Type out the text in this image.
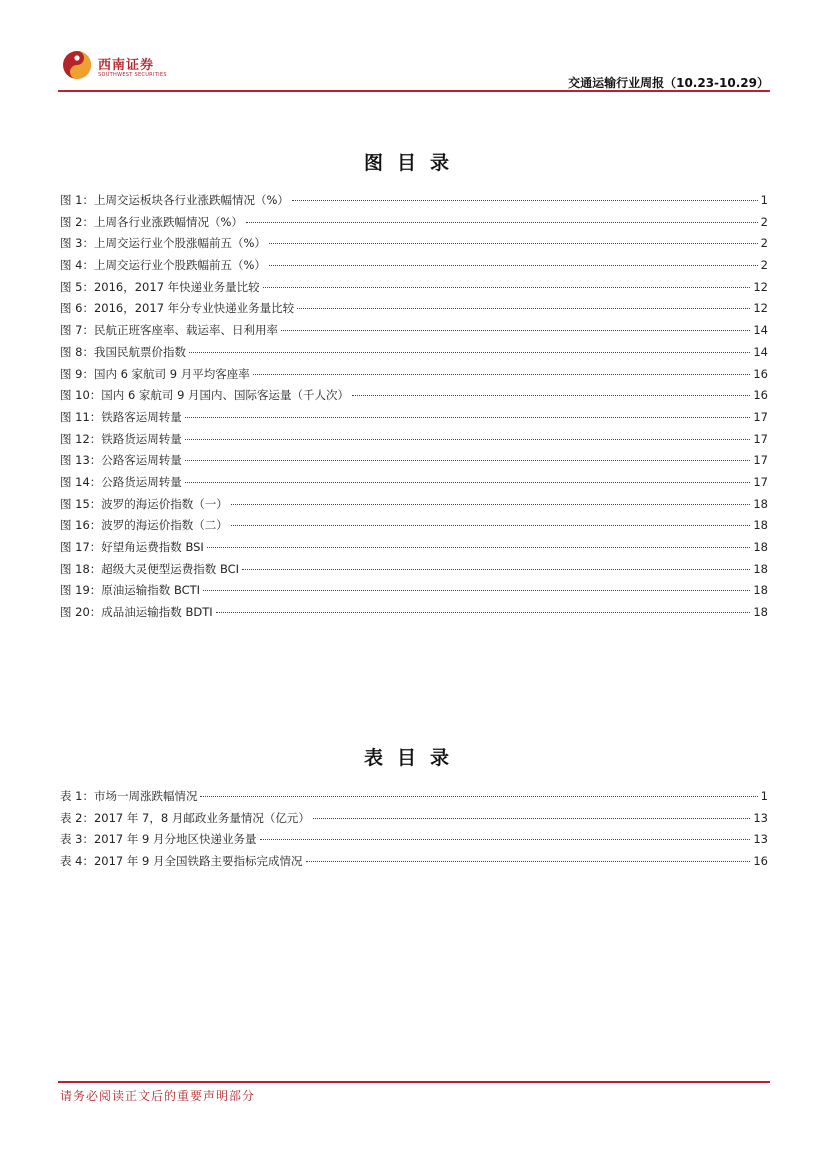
西南证券
SOUTHWEST SECURITIES
交通运输行业周报（10.23-10.29）
图目录
图 1：上周交运板块各行业涨跌幅情况（%）	1
图 2：上周各行业涨跌幅情况（%）	2
图 3：上周交运行业个股涨幅前五（%）	2
图 4：上周交运行业个股跌幅前五（%）	2
图 5：2016，2017 年快递业务量比较	12
图 6：2016，2017 年分专业快递业务量比较	12
图 7：民航正班客座率、载运率、日利用率	14
图 8：我国民航票价指数	14
图 9：国内 6 家航司 9 月平均客座率	16
图 10：国内 6 家航司 9 月国内、国际客运量（千人次）	16
图 11：铁路客运周转量	17
图 12：铁路货运周转量	17
图 13：公路客运周转量	17
图 14：公路货运周转量	17
图 15：波罗的海运价指数（一）	18
图 16：波罗的海运价指数（二）	18
图 17：好望角运费指数 BSI	18
图 18：超级大灵便型运费指数 BCI	18
图 19：原油运输指数 BCTI	18
图 20：成品油运输指数 BDTI	18
表目录
表 1：市场一周涨跌幅情况	1
表 2：2017 年 7，8 月邮政业务量情况（亿元）	13
表 3：2017 年 9 月分地区快递业务量	13
表 4：2017 年 9 月全国铁路主要指标完成情况	16
请务必阅读正文后的重要声明部分
